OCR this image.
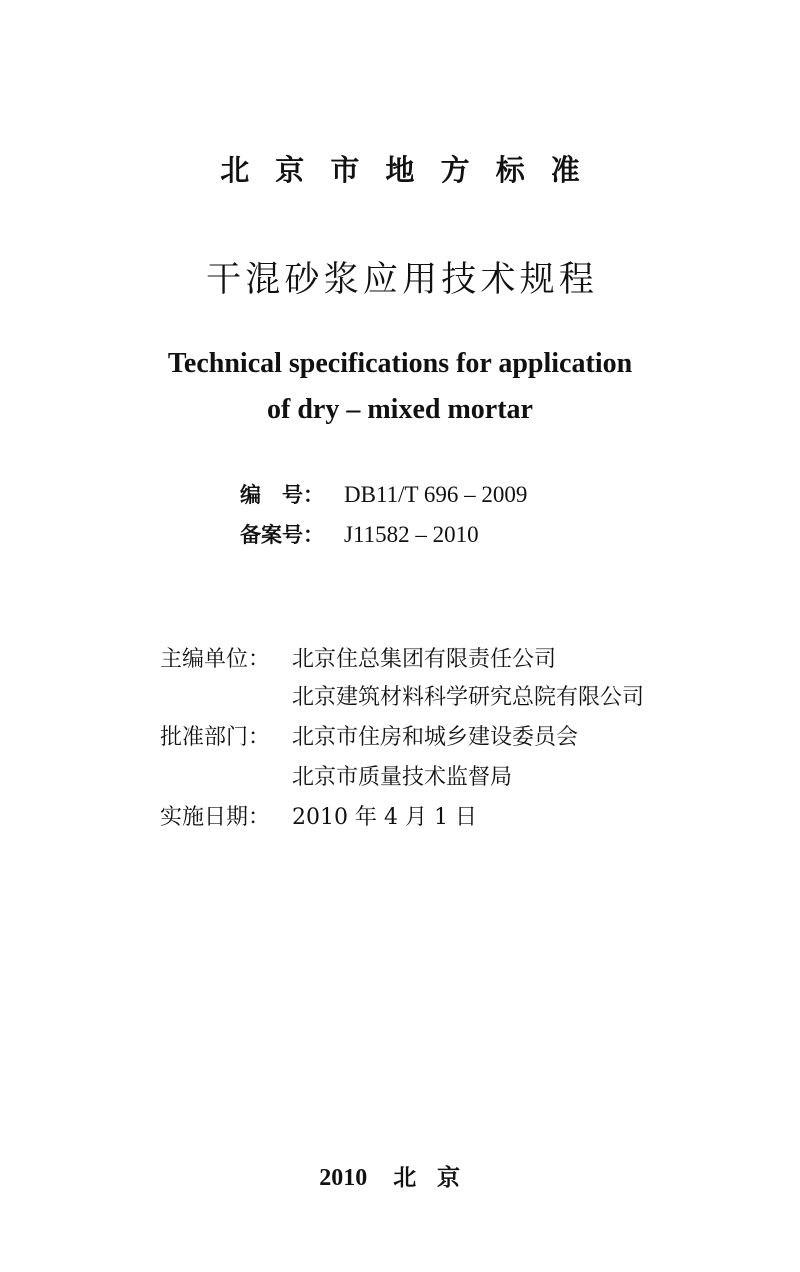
北京市地方标准
干混砂浆应用技术规程
Technical specifications for application
of dry – mixed mortar
编　号： DB11/T 696 – 2009
备案号： J11582 – 2010
主编单位： 北京住总集团有限责任公司
北京建筑材料科学研究总院有限公司
批准部门： 北京市住房和城乡建设委员会
北京市质量技术监督局
实施日期： 2010 年 4 月 1 日
2010 北京
